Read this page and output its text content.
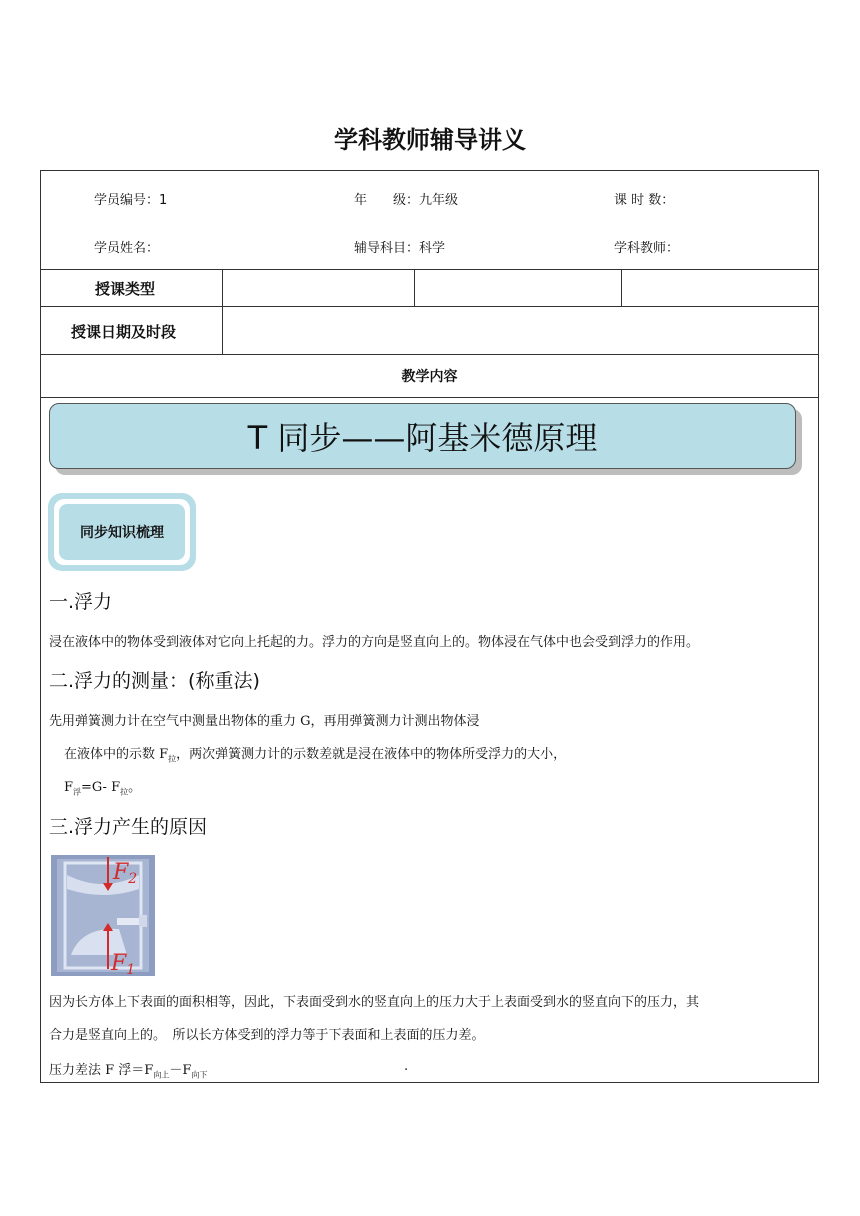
学科教师辅导讲义
学员编号：1	年　　级：九年级	课 时 数：
学员姓名：	辅导科目：科学	学科教师：
授课类型
授课日期及时段
教学内容
T 同步——阿基米德原理
同步知识梳理
一.浮力
浸在液体中的物体受到液体对它向上托起的力。浮力的方向是竖直向上的。物体浸在气体中也会受到浮力的作用。
二.浮力的测量：(称重法)
先用弹簧测力计在空气中测量出物体的重力 G，再用弹簧测力计测出物体浸
在液体中的示数 $F_拉$，两次弹簧测力计的示数差就是浸在液体中的物体所受浮力的大小，
$F_浮=G-$ $F_拉$。
三.浮力产生的原因
F2
F1
因为长方体上下表面的面积相等，因此，下表面受到水的竖直向上的压力大于上表面受到水的竖直向下的压力，其
合力是竖直向上的。　所以长方体受到的浮力等于下表面和上表面的压力差。
压力差法 F 浮$=F_{向上}-F_{向下}$
.
